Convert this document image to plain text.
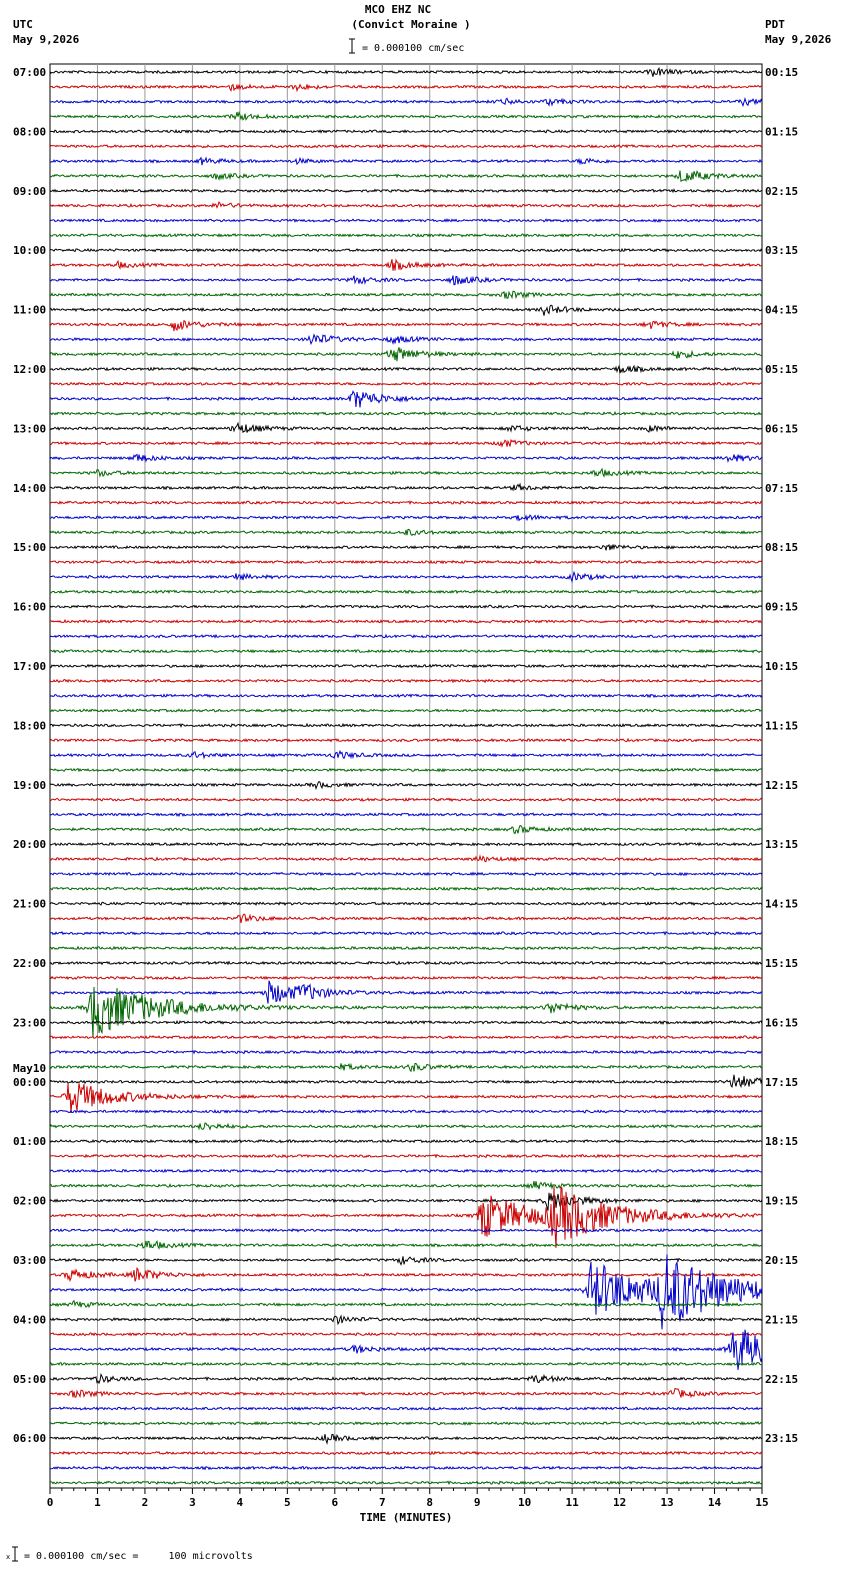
MCO EHZ NC
(Convict Moraine )
UTC
May 9,2026
PDT
May 9,2026
= 0.000100 cm/sec
07:00
08:00
09:00
10:00
11:00
12:00
13:00
14:00
15:00
16:00
17:00
18:00
19:00
20:00
21:00
22:00
23:00
May10
00:00
01:00
02:00
03:00
04:00
05:00
06:00
00:15
01:15
02:15
03:15
04:15
05:15
06:15
07:15
08:15
09:15
10:15
11:15
12:15
13:15
14:15
15:15
16:15
17:15
18:15
19:15
20:15
21:15
22:15
23:15
0	1	2	3	4	5	6	7	8	9	10	11	12	13	14	15
TIME (MINUTES)
x = 0.000100 cm/sec =     100 microvolts
